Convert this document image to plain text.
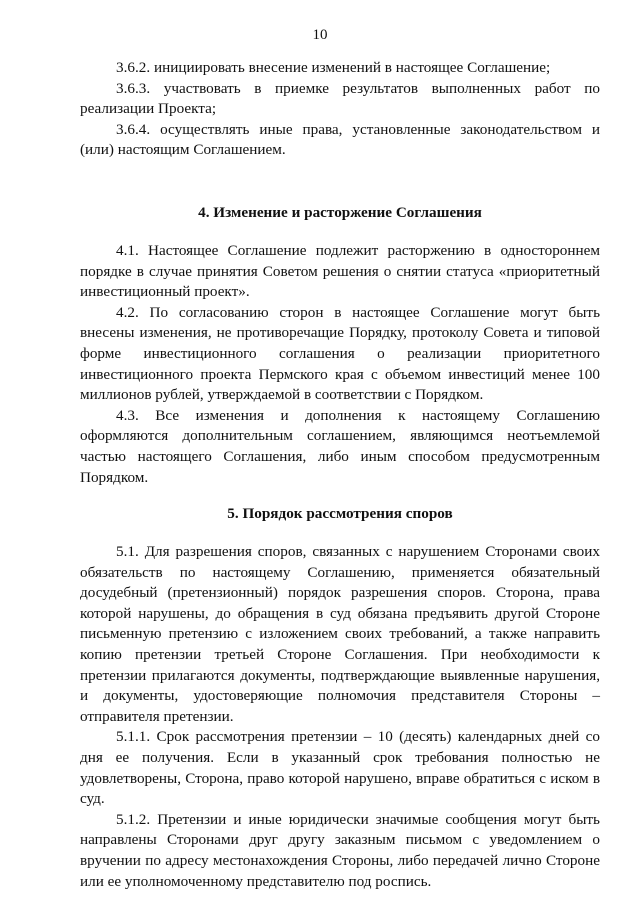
10

3.6.2. инициировать внесение изменений в настоящее Соглашение;

3.6.3. участвовать в приемке результатов выполненных работ по реализации Проекта;

3.6.4. осуществлять иные права, установленные законодательством и (или) настоящим Соглашением.

4. Изменение и расторжение Соглашения

4.1. Настоящее Соглашение подлежит расторжению в одностороннем порядке в случае принятия Советом решения о снятии статуса «приоритетный инвестиционный проект».

4.2. По согласованию сторон в настоящее Соглашение могут быть внесены изменения, не противоречащие Порядку, протоколу Совета и типовой форме инвестиционного соглашения о реализации приоритетного инвестиционного проекта Пермского края с объемом инвестиций менее 100 миллионов рублей, утверждаемой в соответствии с Порядком.

4.3. Все изменения и дополнения к настоящему Соглашению оформляются дополнительным соглашением, являющимся неотъемлемой частью настоящего Соглашения, либо иным способом предусмотренным Порядком.

5. Порядок рассмотрения споров

5.1. Для разрешения споров, связанных с нарушением Сторонами своих обязательств по настоящему Соглашению, применяется обязательный досудебный (претензионный) порядок разрешения споров. Сторона, права которой нарушены, до обращения в суд обязана предъявить другой Стороне письменную претензию с изложением своих требований, а также направить копию претензии третьей Стороне Соглашения. При необходимости к претензии прилагаются документы, подтверждающие выявленные нарушения, и документы, удостоверяющие полномочия представителя Стороны – отправителя претензии.

5.1.1. Срок рассмотрения претензии – 10 (десять) календарных дней со дня ее получения. Если в указанный срок требования полностью не удовлетворены, Сторона, право которой нарушено, вправе обратиться с иском в суд.

5.1.2. Претензии и иные юридически значимые сообщения могут быть направлены Сторонами друг другу заказным письмом с уведомлением о вручении по адресу местонахождения Стороны, либо передачей лично Стороне или ее уполномоченному представителю под роспись.
